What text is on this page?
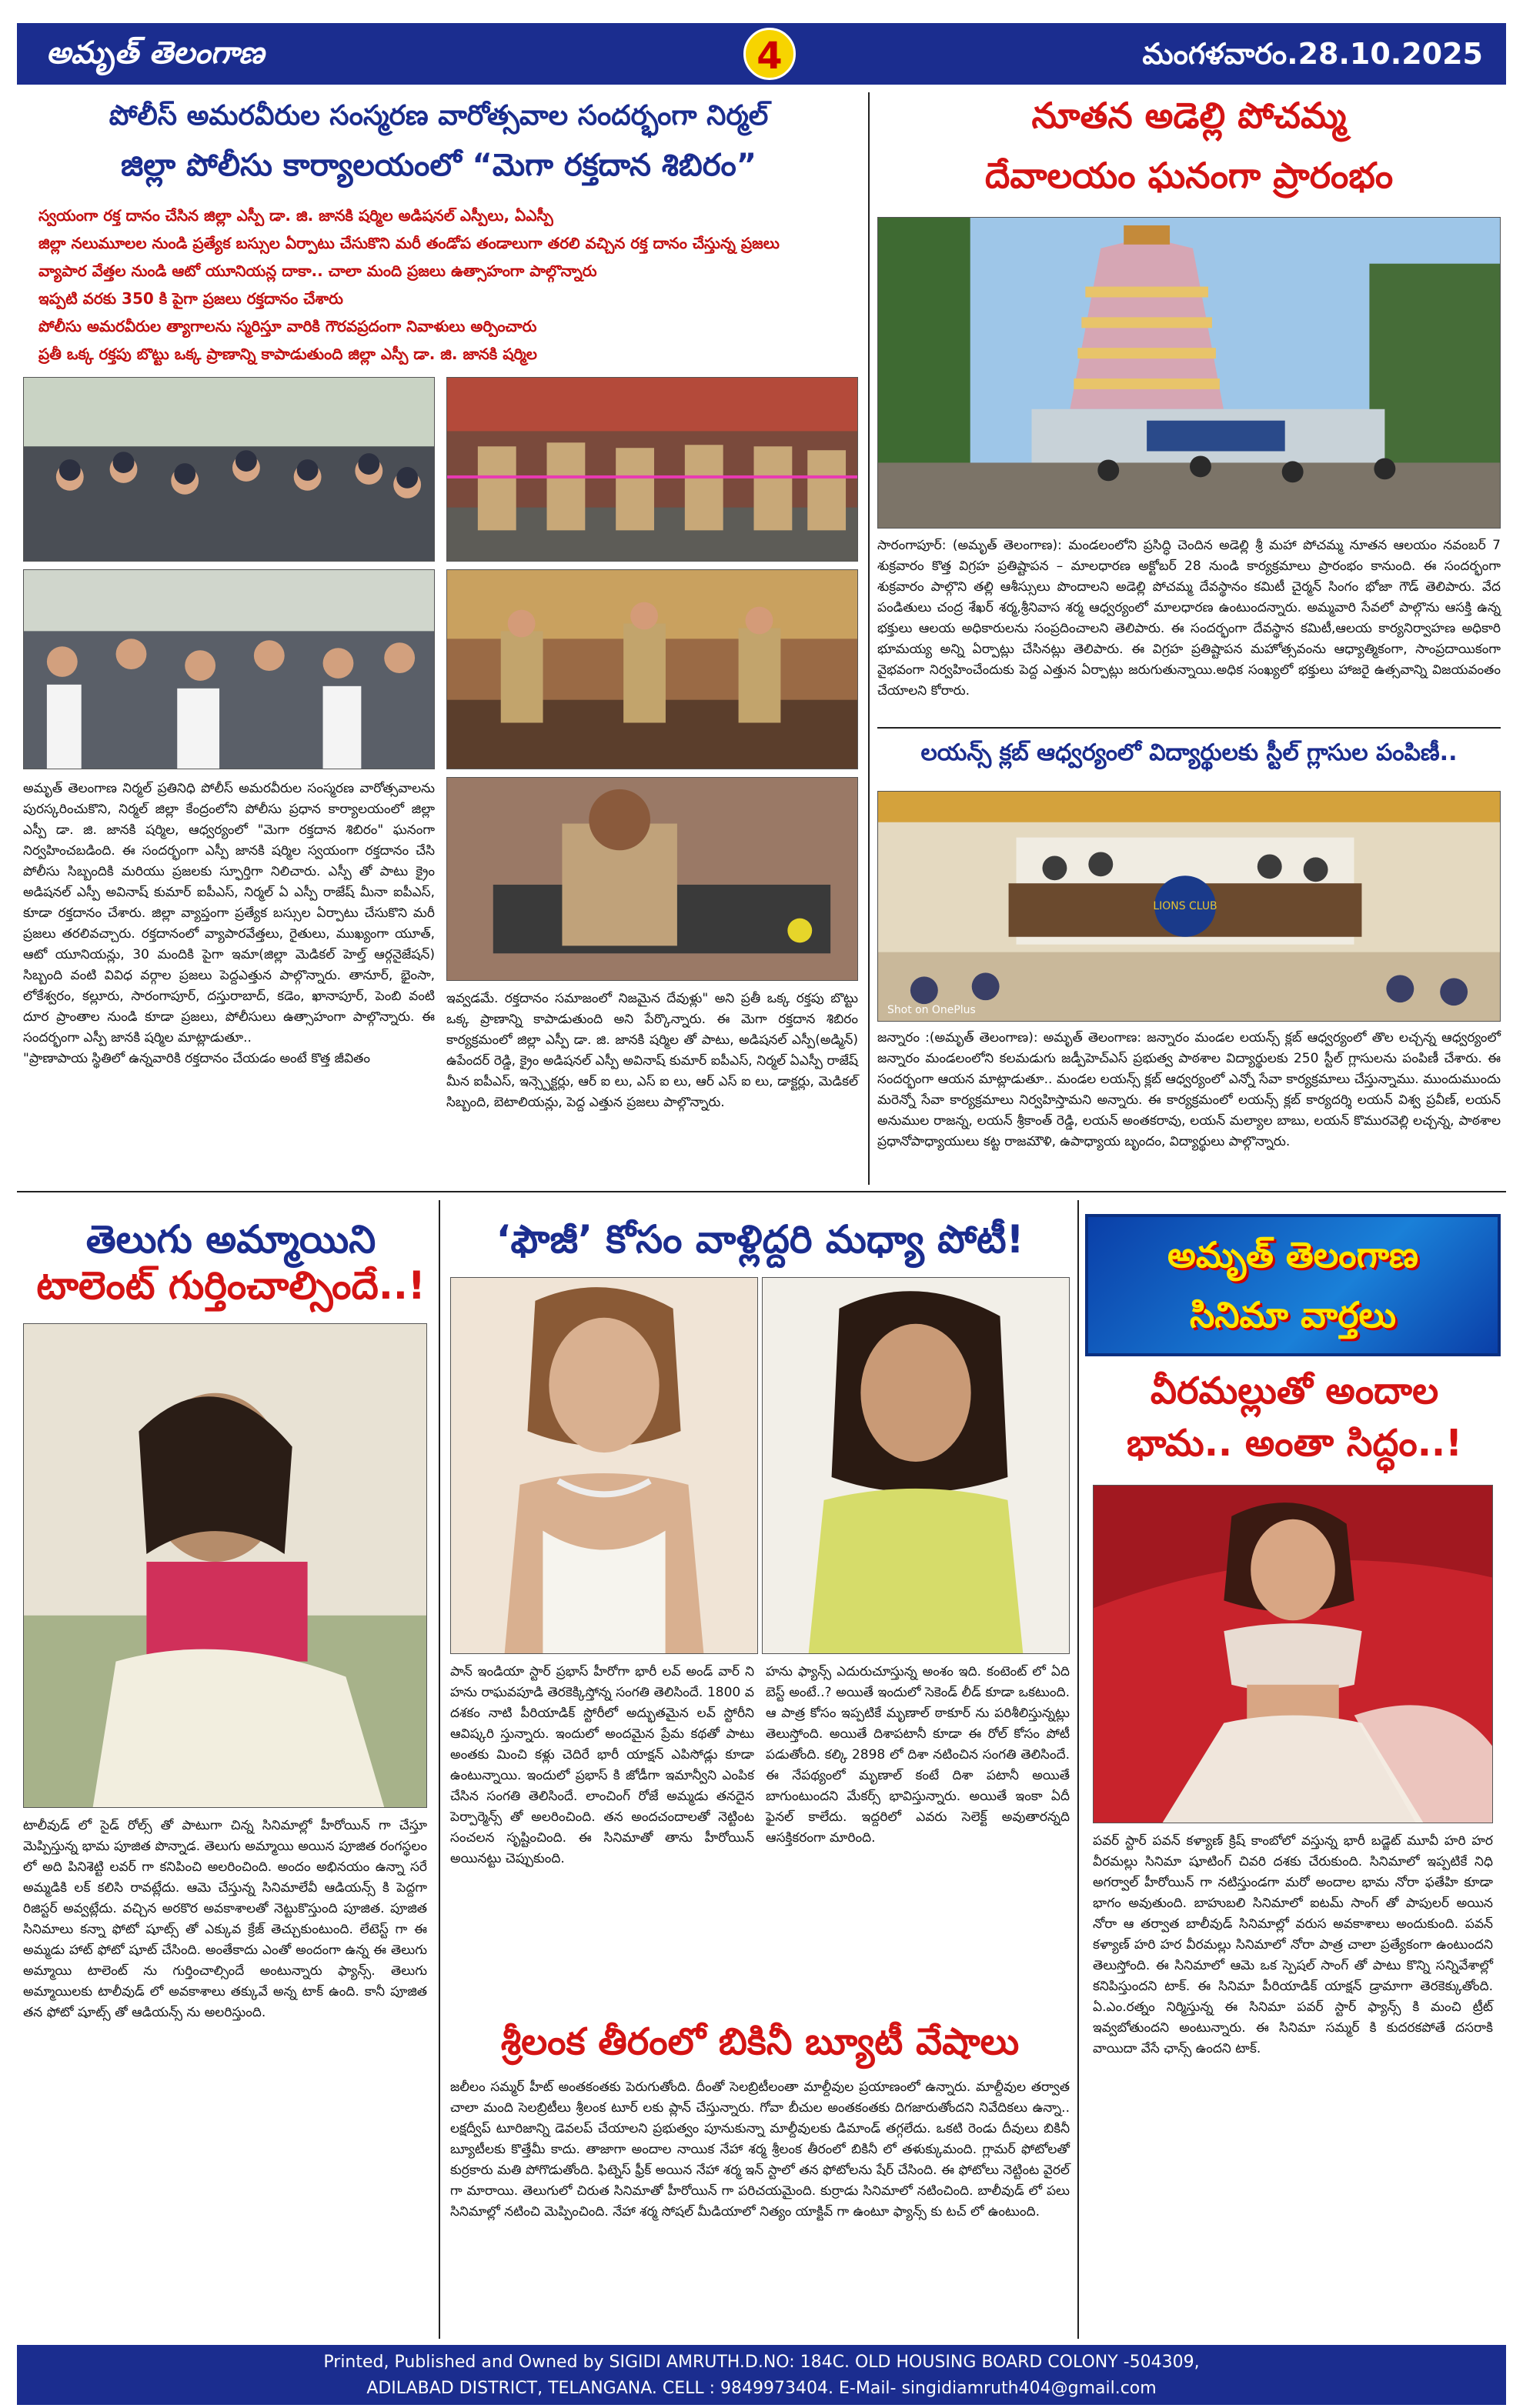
అమృత్ తెలంగాణ	4	మంగళవారం.28.10.2025
పోలీస్ అమరవీరుల సంస్మరణ వారోత్సవాల సందర్భంగా నిర్మల్
జిల్లా పోలీసు కార్యాలయంలో “మెగా రక్తదాన శిబిరం”
స్వయంగా రక్త దానం చేసిన జిల్లా ఎస్పీ డా. జి. జానకి షర్మిల అడిషనల్ ఎస్పీలు, ఏఎస్పీ
జిల్లా నలుమూలల నుండి ప్రత్యేక బస్సుల ఏర్పాటు చేసుకొని మరీ తండోప తండాలుగా తరలి వచ్చిన రక్త దానం చేస్తున్న ప్రజలు
వ్యాపార వేత్తల నుండి ఆటో యూనియన్ల దాకా.. చాలా మంది ప్రజలు ఉత్సాహంగా పాల్గొన్నారు
ఇప్పటి వరకు 350 కి పైగా ప్రజలు రక్తదానం చేశారు
పోలీసు అమరవీరుల త్యాగాలను స్మరిస్తూ వారికి గౌరవప్రదంగా నివాళులు అర్పించారు
ప్రతీ ఒక్క రక్తపు బొట్టు ఒక్క ప్రాణాన్ని కాపాడుతుంది జిల్లా ఎస్పీ డా. జి. జానకి షర్మిల
అమృత్ తెలంగాణ నిర్మల్ ప్రతినిధి పోలీస్ అమరవీరుల సంస్మరణ వారోత్సవాలను పురస్కరించుకొని, నిర్మల్ జిల్లా కేంద్రంలోని పోలీసు ప్రధాన కార్యాలయంలో జిల్లా ఎస్పీ డా. జి. జానకి షర్మిల, ఆధ్వర్యంలో "మెగా రక్తదాన శిబిరం" ఘనంగా నిర్వహించబడింది. ఈ సందర్భంగా ఎస్పీ జానకి షర్మిల స్వయంగా రక్తదానం చేసి పోలీసు సిబ్బందికి మరియు ప్రజలకు స్ఫూర్తిగా నిలిచారు. ఎస్పీ తో పాటు క్రైం అడిషనల్ ఎస్పీ అవినాష్ కుమార్ ఐపీఎస్, నిర్మల్ ఏ ఎస్పీ రాజేష్ మీనా ఐపీఎస్, కూడా రక్తదానం చేశారు. జిల్లా వ్యాప్తంగా ప్రత్యేక బస్సుల ఏర్పాటు చేసుకొని మరీ ప్రజలు తరలివచ్చారు. రక్తదానంలో వ్యాపారవేత్తలు, రైతులు, ముఖ్యంగా యూత్, ఆటో యూనియన్లు, 30 మందికి పైగా ఇమా(జిల్లా మెడికల్ హెల్త్ ఆర్గనైజేషన్) సిబ్బంది వంటి వివిధ వర్గాల ప్రజలు పెద్దఎత్తున పాల్గొన్నారు. తానూర్, భైంసా, లోకేశ్వరం, కల్లూరు, సారంగాపూర్, దస్తురాబాద్, కడెం, ఖానాపూర్, పెంబి వంటి దూర ప్రాంతాల నుండి కూడా ప్రజలు, పోలీసులు ఉత్సాహంగా పాల్గొన్నారు. ఈ సందర్భంగా ఎస్పీ జానకి షర్మిల మాట్లాడుతూ..
"ప్రాణాపాయ స్థితిలో ఉన్నవారికి రక్తదానం చేయడం అంటే కొత్త జీవితం
ఇవ్వడమే. రక్తదానం సమాజంలో నిజమైన దేవుళ్లు" అని ప్రతీ ఒక్క రక్తపు బొట్టు ఒక్క ప్రాణాన్ని కాపాడుతుంది అని పేర్కొన్నారు. ఈ మెగా రక్తదాన శిబిరం కార్యక్రమంలో జిల్లా ఎస్పీ డా. జి. జానకి షర్మిల తో పాటు, అడిషనల్ ఎస్పీ(అడ్మిన్) ఉపేందర్ రెడ్డి, క్రైం అడిషనల్ ఎస్పీ అవినాష్ కుమార్ ఐపీఎస్, నిర్మల్ ఏఎస్పీ రాజేష్ మీన ఐపీఎస్, ఇన్స్పెక్టర్లు, ఆర్ ఐ లు, ఎస్ ఐ లు, ఆర్ ఎస్ ఐ లు, డాక్టర్లు, మెడికల్ సిబ్బంది, బెటాలియన్లు, పెద్ద ఎత్తున ప్రజలు పాల్గొన్నారు.
నూతన అడెల్లి పోచమ్మ
దేవాలయం ఘనంగా ప్రారంభం
సారంగాపూర్: (అమృత్ తెలంగాణ): మండలంలోని ప్రసిద్ధి చెందిన అడెల్లి శ్రీ మహా పోచమ్మ నూతన ఆలయం నవంబర్ 7 శుక్రవారం కొత్త విగ్రహ ప్రతిష్టాపన – మాలధారణ అక్టోబర్ 28 నుండి కార్యక్రమాలు ప్రారంభం కానుంది. ఈ సందర్భంగా శుక్రవారం పాల్గొని తల్లి ఆశీస్సులు పొందాలని అడెల్లి పోచమ్మ దేవస్థానం కమిటీ చైర్మన్ సింగం భోజా గౌడ్ తెలిపారు. వేద పండితులు చంద్ర శేఖర్ శర్మ,శ్రీనివాస శర్మ ఆధ్వర్యంలో మాలధారణ ఉంటుందన్నారు. అమ్మవారి సేవలో పాల్గొను ఆసక్తి ఉన్న భక్తులు ఆలయ అధికారులను సంప్రదించాలని తెలిపారు. ఈ సందర్భంగా దేవస్థాన కమిటీ,ఆలయ కార్యనిర్వాహణ అధికారి భూమయ్య అన్ని ఏర్పాట్లు చేసినట్లు తెలిపారు. ఈ విగ్రహ ప్రతిష్టాపన మహోత్సవంను ఆధ్యాత్మికంగా, సాంప్రదాయికంగా వైభవంగా నిర్వహించేందుకు పెద్ద ఎత్తున ఏర్పాట్లు జరుగుతున్నాయి.అధిక సంఖ్యలో భక్తులు హాజరై ఉత్సవాన్ని విజయవంతం చేయాలని కోరారు.
లయన్స్ క్లబ్ ఆధ్వర్యంలో విద్యార్థులకు స్టీల్ గ్లాసుల పంపిణీ..
LIONS CLUB
Shot on OnePlus
జన్నారం :(అమృత్ తెలంగాణ): అమృత్ తెలంగాణ: జన్నారం మండల లయన్స్ క్లబ్ ఆధ్వర్యంలో తొల లచ్చన్న ఆధ్వర్యంలో జన్నారం మండలంలోని కలమడుగు జడ్పీహెచ్ఎస్ ప్రభుత్వ పాఠశాల విద్యార్థులకు 250 స్టీల్ గ్లాసులను పంపిణీ చేశారు. ఈ సందర్భంగా ఆయన మాట్లాడుతూ.. మండల లయన్స్ క్లబ్ ఆధ్వర్యంలో ఎన్నో సేవా కార్యక్రమాలు చేస్తున్నాము. ముందుముందు మరెన్నో సేవా కార్యక్రమాలు నిర్వహిస్తామని అన్నారు. ఈ కార్యక్రమంలో లయన్స్ క్లబ్ కార్యదర్శి లయన్ విశ్వ ప్రవీణ్, లయన్ అనుముల రాజన్న, లయన్ శ్రీకాంత్ రెడ్డి, లయన్ అంతకరావు, లయన్ మల్యాల బాబు, లయన్ కొమురవెల్లి లచ్చన్న, పాఠశాల ప్రధానోపాధ్యాయులు కట్ట రాజమౌళి, ఉపాధ్యాయ బృందం, విద్యార్థులు పాల్గొన్నారు.
తెలుగు అమ్మాయిని
టాలెంట్ గుర్తించాల్సిందే..!
టాలీవుడ్ లో సైడ్ రోల్స్ తో పాటుగా చిన్న సినిమాల్లో హీరోయిన్ గా చేస్తూ మెప్పిస్తున్న భామ పూజిత పొన్నాడ. తెలుగు అమ్మాయి అయిన పూజిత రంగస్థలం లో అది పినిశెట్టి లవర్ గా కనిపించి అలరించింది. అందం అభినయం ఉన్నా సరే అమ్మడికి లక్ కలిసి రావట్లేదు. ఆమె చేస్తున్న సినిమాలేవీ ఆడియన్స్ కి పెద్దగా రిజిస్టర్ అవ్వట్లేదు. వచ్చిన అరకొర అవకాశాలతో నెట్టుకొస్తుంది పూజిత. పూజిత సినిమాలు కన్నా ఫోటో షూట్స్ తో ఎక్కువ క్రేజ్ తెచ్చుకుంటుంది. లేటెస్ట్ గా ఈ అమ్మడు హాట్ ఫోటో షూట్ చేసింది. అంతేకాదు ఎంతో అందంగా ఉన్న ఈ తెలుగు అమ్మాయి టాలెంట్ ను గుర్తించాల్సిందే అంటున్నారు ఫ్యాన్స్. తెలుగు అమ్మాయిలకు టాలీవుడ్ లో అవకాశాలు తక్కువే అన్న టాక్ ఉంది. కానీ పూజిత తన ఫోటో షూట్స్ తో ఆడియన్స్ ను అలరిస్తుంది.
‘ఫౌజీ’ కోసం వాళ్లిద్దరి మధ్యా పోటీ!
పాన్ ఇండియా స్టార్ ప్రభాస్ హీరోగా భారీ లవ్ అండ్ వార్ ని హను రాఘవపూడి తెరకెక్కిస్తోన్న సంగతి తెలిసిందే. 1800 వ దశకం నాటి పీరియాడిక్ స్టోరీలో అద్భుతమైన లవ్ స్టోరీని ఆవిష్కరి స్తున్నారు. ఇందులో అందమైన ప్రేమ కథతో పాటు అంతకు మించి కళ్లు చెదిరే భారీ యాక్షన్ ఎపిసోడ్లు కూడా ఉంటున్నాయి. ఇందులో ప్రభాస్ కి జోడీగా ఇమాన్వీని ఎంపిక చేసిన సంగతి తెలిసిందే. లాంచింగ్ రోజే అమ్మడు తనదైన పెర్పార్మెన్స్ తో అలరించింది. తన అందచందాలతో నెట్టింట సంచలన సృష్టించింది. ఈ సినిమాతో తాను హీరోయిన్ అయినట్టు చెప్పుకుంది.
హను ఫ్యాన్స్ ఎదురుచూస్తున్న అంశం ఇది. కంటెంట్ లో ఏది బెస్ట్ అంటే..? అయితే ఇందులో సెకెండ్ లీడ్ కూడా ఒకటుంది. ఆ పాత్ర కోసం ఇప్పటికే మృణాల్ ఠాకూర్ ను పరిశీలిస్తున్నట్లు తెలుస్తోంది. అయితే దిశాపటానీ కూడా ఈ రోల్ కోసం పోటీ పడుతోంది. కల్కి 2898 లో దిశా నటించిన సంగతి తెలిసిందే. ఈ నేపథ్యంలో మృణాల్ కంటే దిశా పటానీ అయితే బాగుంటుందని మేకర్స్ భావిస్తున్నారు. అయితే ఇంకా ఏదీ ఫైనల్ కాలేదు. ఇద్దరిలో ఎవరు సెలెక్ట్ అవుతారన్నది ఆసక్తికరంగా మారింది.
శ్రీలంక తీరంలో బికినీ బ్యూటీ వేషాలు
జలీలం సమ్మర్ హీట్ అంతకంతకు పెరుగుతోంది. దీంతో సెలబ్రిటీలంతా మాల్దీవుల ప్రయాణంలో ఉన్నారు. మాల్దీవుల తర్వాత చాలా మంది సెలబ్రిటీలు శ్రీలంక టూర్ లకు ప్లాన్ చేస్తున్నారు. గోవా బీచుల అంతకంతకు దిగజారుతోందని నివేదికలు ఉన్నా.. లక్షద్వీప్ టూరిజాన్ని డెవలప్ చేయాలని ప్రభుత్వం పూనుకున్నా మాల్దీవులకు డిమాండ్ తగ్గలేదు. ఒకటి రెండు దీవులు బికినీ బ్యూటీలకు కొత్తేమీ కాదు. తాజాగా అందాల నాయిక నేహా శర్మ శ్రీలంక తీరంలో బికినీ లో తళుక్కుమంది. గ్లామర్ ఫోటోలతో కుర్రకారు మతి పోగొడుతోంది. ఫిట్నెస్ ఫ్రీక్ అయిన నేహా శర్మ ఇన్ స్టాలో తన ఫోటోలను షేర్ చేసింది. ఈ ఫోటోలు నెట్టింట వైరల్ గా మారాయి. తెలుగులో చిరుత సినిమాతో హీరోయిన్ గా పరిచయమైంది. కుర్రాడు సినిమాలో నటించింది. బాలీవుడ్ లో పలు సినిమాల్లో నటించి మెప్పించింది. నేహా శర్మ సోషల్ మీడియాలో నిత్యం యాక్టివ్ గా ఉంటూ ఫ్యాన్స్ కు టచ్ లో ఉంటుంది.
అమృత్ తెలంగాణ
సినిమా వార్తలు
వీరమల్లుతో అందాల
భామ.. అంతా సిద్ధం..!
పవర్ స్టార్ పవన్ కళ్యాణ్ క్రిష్ కాంబోలో వస్తున్న భారీ బడ్జెట్ మూవీ హరి హర వీరమల్లు సినిమా షూటింగ్ చివరి దశకు చేరుకుంది. సినిమాలో ఇప్పటికే నిధి అగర్వాల్ హీరోయిన్ గా నటిస్తుండగా మరో అందాల భామ నోరా ఫతేహి కూడా భాగం అవుతుంది. బాహుబలి సినిమాలో ఐటమ్ సాంగ్ తో పాపులర్ అయిన నోరా ఆ తర్వాత బాలీవుడ్ సినిమాల్లో వరుస అవకాశాలు అందుకుంది. పవన్ కళ్యాణ్ హరి హర వీరమల్లు సినిమాలో నోరా పాత్ర చాలా ప్రత్యేకంగా ఉంటుందని తెలుస్తోంది. ఈ సినిమాలో ఆమె ఒక స్పెషల్ సాంగ్ తో పాటు కొన్ని సన్నివేశాల్లో కనిపిస్తుందని టాక్. ఈ సినిమా పీరియాడిక్ యాక్షన్ డ్రామాగా తెరకెక్కుతోంది. ఏ.ఎం.రత్నం నిర్మిస్తున్న ఈ సినిమా పవర్ స్టార్ ఫ్యాన్స్ కి మంచి ట్రీట్ ఇవ్వబోతుందని అంటున్నారు. ఈ సినిమా సమ్మర్ కి కుదరకపోతే దసరాకి వాయిదా వేసే ఛాన్స్ ఉందని టాక్.
Printed, Published and Owned by SIGIDI AMRUTH.D.NO: 184C. OLD HOUSING BOARD COLONY -504309,
ADILABAD DISTRICT, TELANGANA. CELL : 9849973404. E-Mail- singidiamruth404@gmail.com
